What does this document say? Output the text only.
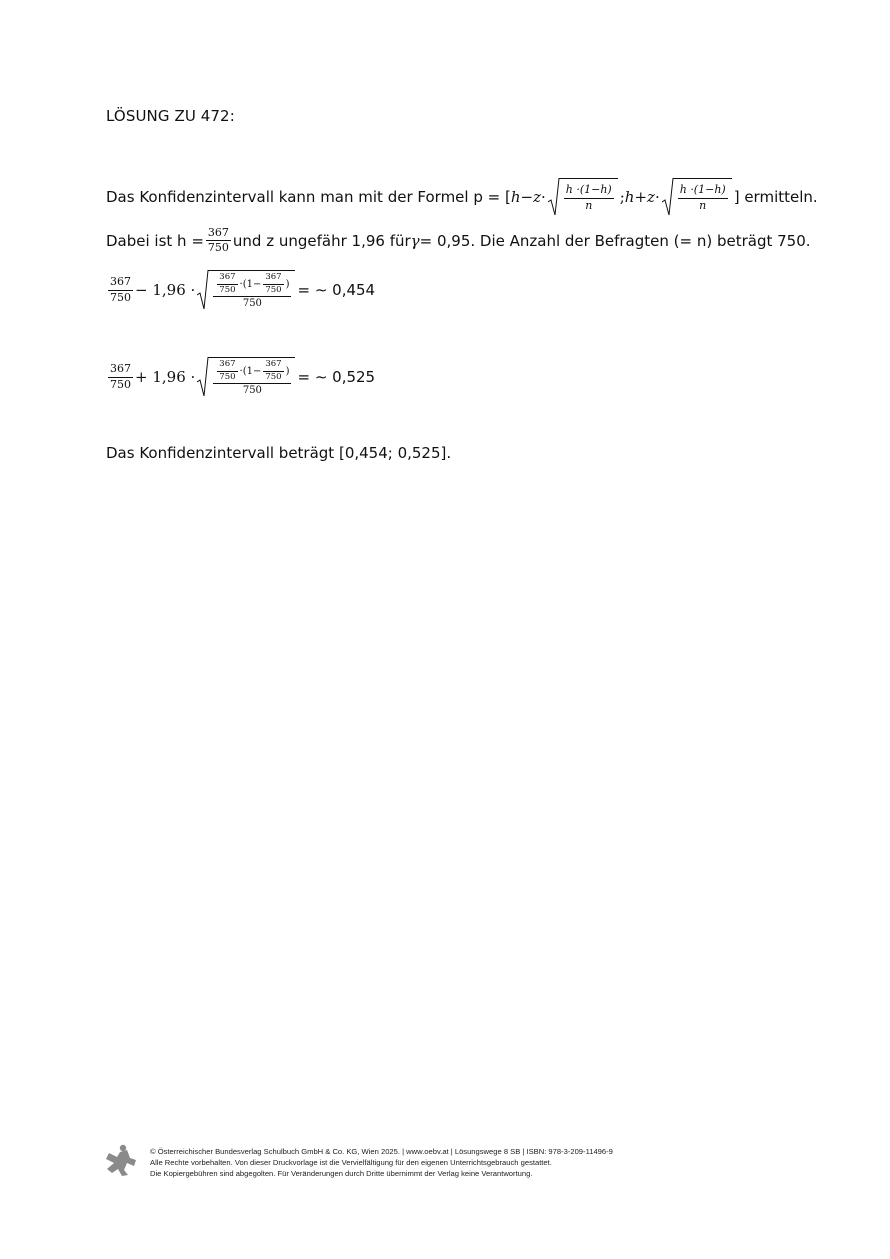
LÖSUNG ZU 472:
Das Konfidenzintervall kann man mit der Formel p = [ $h - z \cdot \frac{h \cdot(1-h)}{n}$ ; $h + z \cdot \frac{h \cdot(1-h)}{n}$ ] ermitteln.
Dabei ist $h = \frac{367}{750}$ und z ungefähr 1,96 für γ = 0,95. Die Anzahl der Befragten (= n) beträgt 750.
$\frac{367}{750} - 1,96$ ·	$\frac{367}{750} \cdot(1- \frac{367}{750}$ )
750
= ∼ 0,454
$\frac{367}{750} + 1,96$ ·	$\frac{367}{750} \cdot(1- \frac{367}{750}$ )
750
= ∼ 0,525
Das Konfidenzintervall beträgt [0,454; 0,525].
© Österreichischer Bundesverlag Schulbuch GmbH & Co. KG, Wien 2025. | www.oebv.at | Lösungswege 8 SB | ISBN: 978-3-209-11496-9
Alle Rechte vorbehalten. Von dieser Druckvorlage ist die Vervielfältigung für den eigenen Unterrichtsgebrauch gestattet.
Die Kopiergebühren sind abgegolten. Für Veränderungen durch Dritte übernimmt der Verlag keine Verantwortung.
